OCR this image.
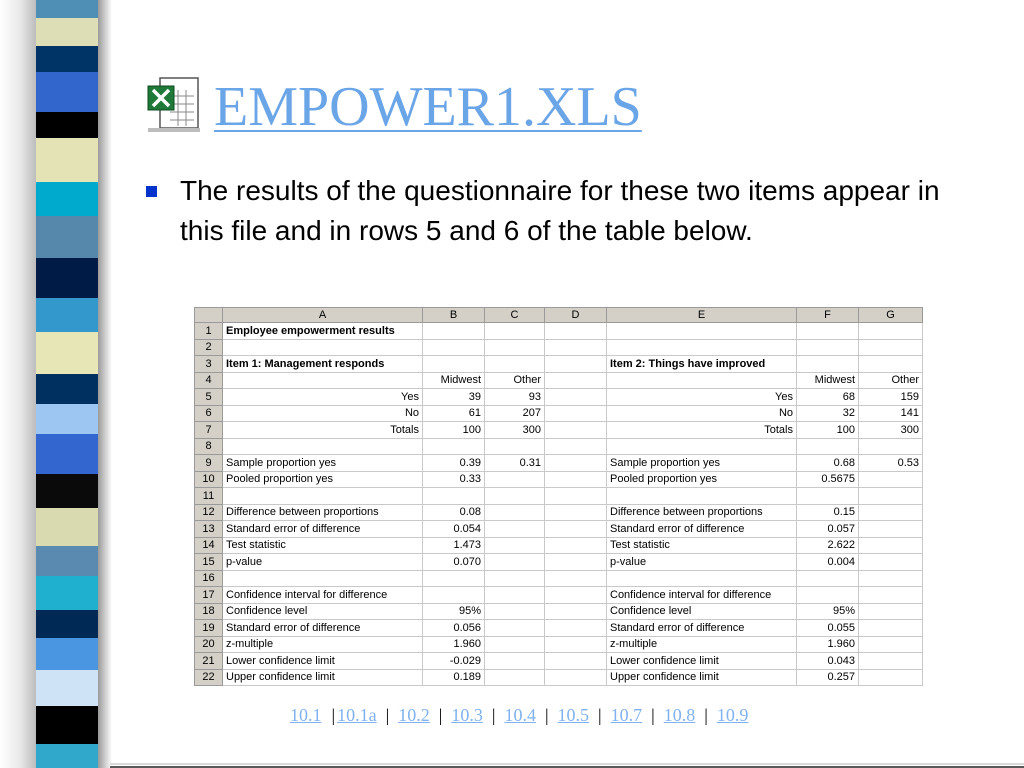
EMPOWER1.XLS
The results of the questionnaire for these two items appear in this file and in rows 5 and 6 of the table below.
	A	B	C	D	E	F	G
1	Employee empowerment results						
2							
3	Item 1: Management responds				Item 2: Things have improved		
4		Midwest	Other			Midwest	Other
5	Yes	39	93		Yes	68	159
6	No	61	207		No	32	141
7	Totals	100	300		Totals	100	300
8							
9	Sample proportion yes	0.39	0.31		Sample proportion yes	0.68	0.53
10	Pooled proportion yes	0.33			Pooled proportion yes	0.5675	
11							
12	Difference between proportions	0.08			Difference between proportions	0.15	
13	Standard error of difference	0.054			Standard error of difference	0.057	
14	Test statistic	1.473			Test statistic	2.622	
15	p-value	0.070			p-value	0.004	
16							
17	Confidence interval for difference				Confidence interval for difference		
18	Confidence level	95%			Confidence level	95%	
19	Standard error of difference	0.056			Standard error of difference	0.055	
20	z-multiple	1.960			z-multiple	1.960	
21	Lower confidence limit	-0.029			Lower confidence limit	0.043	
22	Upper confidence limit	0.189			Upper confidence limit	0.257	
10.1 | 10.1a | 10.2 | 10.3 | 10.4 | 10.5 | 10.7 | 10.8 | 10.9
